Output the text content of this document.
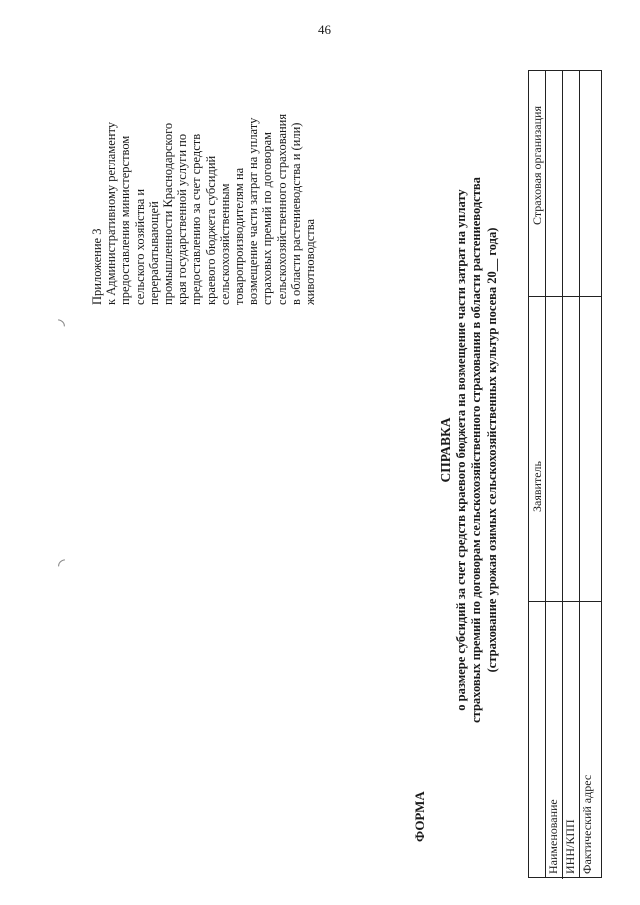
46
Приложение 3 к Административному регламенту предоставления министерством сельского хозяйства и перерабатывающей промышленности Краснодарского края государственной услуги по предоставлению за счет средств краевого бюджета субсидий сельскохозяйственным товаропроизводителям на возмещение части затрат на уплату страховых премий по договорам сельскохозяйственного страхования в области растениеводства и (или) животноводства
ФОРМА
СПРАВКА о размере субсидий за счет средств краевого бюджета на возмещение части затрат на уплату страховых премий по договорам сельскохозяйственного страхования в области растениеводства (страхование урожая озимых сельскохозяйственных культур посева 20__ года)	Заявитель
Страховая организация
Наименование ИНН/КПП Фактический адрес
◝
◜
